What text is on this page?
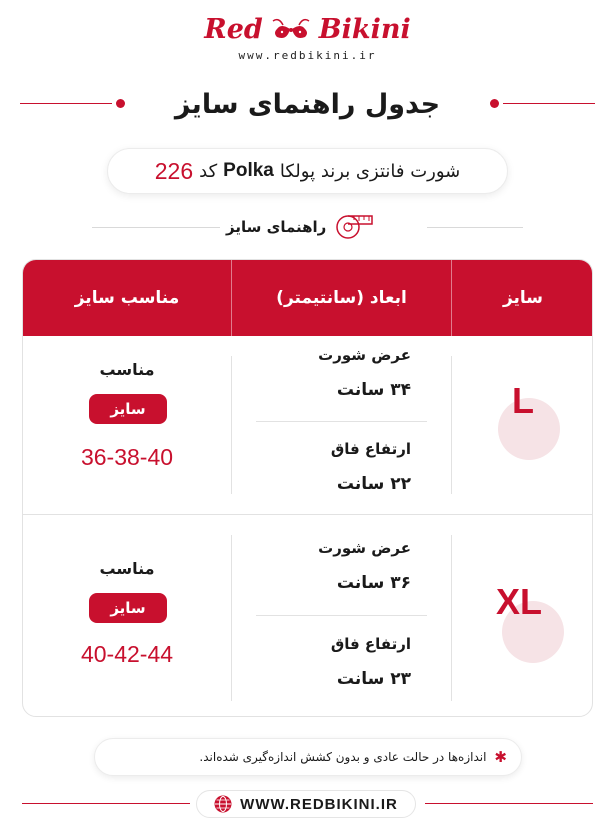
Red Bikini
www.redbikini.ir
جدول راهنمای سایز
شورت فانتزی برند پولکا
Polka
کد
226
راهنمای سایز
مناسب سایز	ابعاد (سانتیمتر)	سایز
مناسب
سایز
36-38-40
عرض شورت
۳۴ سانت
ارتفاع فاق
۲۲ سانت
L
مناسب
سایز
40-42-44
عرض شورت
۳۶ سانت
ارتفاع فاق
۲۳ سانت
XL
✱
اندازه‌ها در حالت عادی و بدون کشش اندازه‌گیری شده‌اند.
WWW.REDBIKINI.IR
